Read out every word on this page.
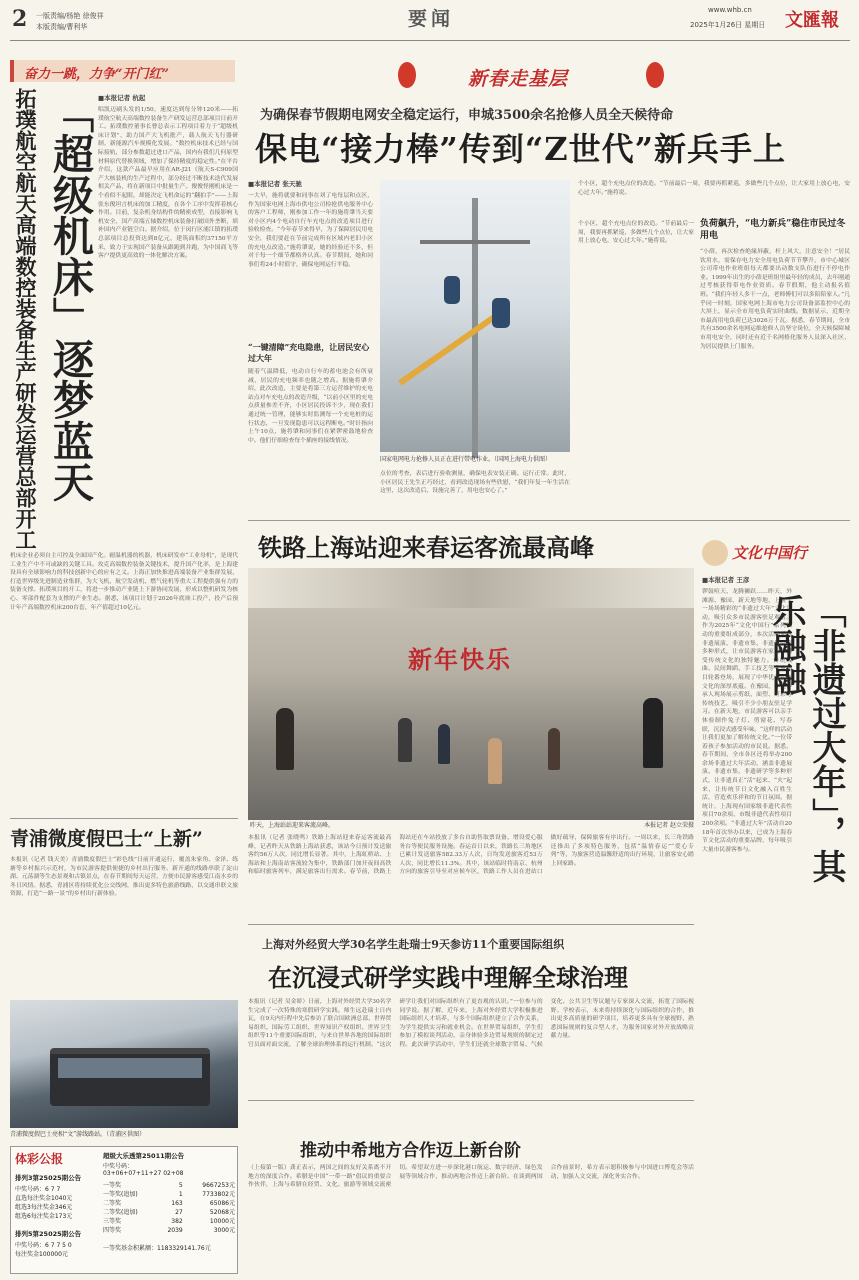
2 一版责编/杨艳 徐俊祥
本版责编/曹利华	要闻	www.whb.cn
2025年1月26日 星期日 文匯報
奋力一跳，力争“开门红”
拓璞航空航天高端数控装备生产研发运营总部开工 「超级机床」逐梦蓝天 ■本报记者 杭起
唱凯迈刷头发的1/50，速度达到每分钟120米——拓璞航空航天高端数控装备生产研发运营总部项目日前开工。拓璞数控董事长曹总表示工程项目着力于“超级机床计划”，助力国产大飞机批产，载人航天飞行器研制，新能源汽车规模化发展。“数控机床技术已经与国际接轨，部分参数超过进口产品，国内有我们几何原型材料原代替换领域，增加了保持精度的稳定性。”在平台介绍，这款产品最早应用在AR-J21《航天S-C909国产大核装机的生产过程中，部分经过不断技术迭代发展相关产品，将在新项目中批量生产。俊俊怪刚机床是一个看似不起眼，却能决定飞机命运的“翻拍手”——上海张东俊坦言机床的加工精度，在各个工序中发挥着核心作用。目前，复杂机身结构件的精密成型，直接影响飞机安全，国产高端五轴数控机床装备打破国外垄断，填补国内产业链空白。据介绍，位于闵行区浦江镇的拓璞总部项目总投资达到8亿元，建筑面积约37150平方米，致力于实现国产装备从跟跑到并跑，为中国商飞等客户提供更高效的一体化解决方案。
机床企业必须自主可控及全面国产化。耐温机器的机器，机床研发亦“工业母机”，是现代工业生产中不可或缺的关键工具。攻克高端数控装备关键技术，提升国产化率，是上海建设具有全球影响力的科技创新中心的应有之义。上海正加快推进高端装备产业集群发展，打造世界级先进制造业集群，为大飞机、航空发动机、燃气轮机等重大工程提供强有力的装备支撑。拓璞项目的开工，将进一步推动产业链上下游协同发展，形成以整机研发为核心、零部件配套为支撑的产业生态。据悉，该项目计划于2026年底竣工投产，投产后预计年产高端数控机床200台套，年产值超过10亿元。
青浦微度假巴士“上新”
本报讯（记者 钱天美）青浦微度假巴士“彩色线”日前开通运行，覆盖朱家角、金泽、练塘等乡村振兴示范村，为市民游客提供便捷的乡村出行服务。新开通的线路串联了淀山湖、元荡湖等生态景观和古镇景点，在春节期间每天运营，方便市民游客感受江南水乡的冬日风情。据悉，青浦区将持续优化公交线网，推出更多特色旅游线路，以交通串联文旅资源，打造“一路一景”的乡村出行新体验。
青浦微度假巴士亮相“文”游线路站。（青浦区供图）
体彩公报
排列3第25025期公告
中奖号码：6 7 7
直选每注奖金1040元
组选3每注奖金346元
组选6每注奖金173元
排列5第25025期公告
中奖号码：6 7 7 5 0
每注奖金100000元
超级大乐透第25011期公告
中奖号码：
03+06+07+11+27 02+08
一等奖	5	9667253元
一等奖(追加)	1	7733802元
二等奖	163	65086元
二等奖(追加)	27	52068元
三等奖	382	10000元
四等奖	2039	3000元
一等奖基金积累额：1183329141.76元
新春走基层
为确保春节假期电网安全稳定运行，申城3500余名抢修人员全天候待命
保电“接力棒”传到“Z世代”新兵手上
■本报记者 张天驰
一大早，施将就要和同事在刘了电每层和点区，作为国家电网上海市供电公司检抢供电服务中心的客户工程师，刚参加工作一年的施将肇当天要对小区内4个电动自行车充电点的改造项目进行验收检查。“今年春节来得早，为了保障居民用电安全，我们要赶在节前完成所有区域内老旧小区的充电点改造。”施将肇说，她的经验还不多，但对于每一个细节都格外认真。春节期间，她和同事们将24小时值守，确保电网运行平稳。
“一键清障”充电隐患，让居民安心过大年
随着气温降低，电动自行车的蓄电池会有所衰减，居民的充电频率也随之增高。据施将肇介绍，此次改造，主要是将第三方运营维护的充电站点对车充电点的改造升级，“以前小区里的充电点质量参差不齐，小区居民投诉不少，现在我们通过统一管理，能够实时监测每一个充电桩的运行状态，一旦发现隐患可以远程断电。”时针指向上午10点，施将肇和同事们在紧锣密鼓地检查中。他们仔细检查每个插座的接线情况。
国家电网电力抢修人员正在进行带电作业。（国网上海电力供图）
点位的考查，表后进行验收测量，确保电表安装正确、运行正常。此时，小区居民王先生正巧经过，看到改造现场有些欣慰，“我们年复一年生活在这里，这次改造后，设施完善了，用电也安心了。”
个小区，超个充电点位的改造。“节前最后一周，我要再抓紧巡，多做些几个点位，让大家用上放心电，安心过大年。”施将说。
负荷飙升，“电力新兵”稳住市民过冬用电
“小薛，再次检查绝缘屏蔽，杆上风大，注意安全！”居民饮用水，需保存电力安全用电负荷节节攀升，市中心城区公司带电作业班组每天都要出动数支队伍进行不停电作业。1999年出生的小薛是班组里最年轻的成员，去年刚通过考核获得带电作业资质。春节假期，他主动报名值班。“我们年轻人多干一点，老师傅们可以多陪陪家人。”几乎同一时刻，国家电网上海市电力公司设备部监控中心的大屏上，显示全市用电负荷实时曲线。数据显示，近期全市最高用电负荷已达3026万千瓦。据悉，春节期间，全市共有3500余名电网运维抢修人员坚守岗位，全天候保障城市用电安全，同时还有近千名网格化服务人员深入社区，为居民提供上门服务。
个小区，超个充电点位的改造。“节前最后一周，我要再抓紧巡，多做些几个点位，让大家用上放心电，安心过大年。”施将说。
铁路上海站迎来春运客流最高峰
新年快乐
昨天，上海站站迎来客流高峰。	本报记者 赵立荣摄
本报讯（记者 张晓鸣）铁路上海站迎来春运客流最高峰，记者昨天从铁路上海站获悉，该站今日预计发送旅客约56万人次，同比增长显著。其中，上海虹桥站、上海站和上海南站客流较为集中，铁路部门加开夜间高铁和临时旅客列车，满足旅客出行需求。春节前，铁路上海站还在车站投放了多台自助售取票设备、增设爱心服务台等便民服务设施。春运首日以来，铁路长三角地区已累计发送旅客582.33万人次，日均发送旅客近53万人次，同比增长11.3%。其中，该站临时将南京、杭州方向的旅客引导至对应候车区，铁路工作人员在进站口做好疏导，保障旅客有序出行。一周以来，长三角铁路还推出了多项特色服务，包括“温情春运”“爱心专列”等，为旅客营造温馨舒适的出行环境，让旅客安心踏上回家路。
文化中国行
■本报记者 王彦
锣鼓喧天、龙腾狮跃……昨天，外滩源、豫园、新天地等地，上演了一场场精彩的“非遗过大年”文化活动，吸引众多市民游客驻足观看。作为2025年“文化中国行”系列活动的重要组成部分，本次活动通过非遗展演、非遗市集、非遗体验等多种形式，让市民游客在家门口感受传统文化的独特魅力。传统戏曲、民间舞蹈、手工技艺等非遗项目轮番登场，展现了中华优秀传统文化的深厚底蕴。在豫园，非遗传承人现场展示剪纸、面塑、灯彩等传统技艺，吸引不少小朋友驻足学习。在新天地，市民游客可以亲手体验制作兔子灯、剪窗花、写春联，沉浸式感受年味。“这样的活动让我们更加了解传统文化。”一位带着孩子参加活动的市民说。据悉，春节期间，全市各区还将举办200余场非遗过大年活动，涵盖非遗展演、非遗市集、非遗研学等多种形式，让非遗真正“活”起来、“火”起来，让传统节日文化融入百姓生活，营造欢乐祥和的节日氛围。据统计，上海现有国家级非遗代表性项目70余项、市级非遗代表性项目200余项。“非遗过大年”活动自2018年首次举办以来，已成为上海春节文化活动的重要品牌，每年吸引大量市民游客参与。	「非遗过大年」，其乐融融
上海对外经贸大学30名学生赴瑞士9天参访11个重要国际组织
在沉浸式研学实践中理解全球治理
本报讯（记者 吴金娇）日前，上海对外经贸大学30名学生完成了一次特殊的寒假研学实践。师生远赴瑞士日内瓦，在9天内行程中先后参访了联合国欧洲总部、世界贸易组织、国际劳工组织、世界知识产权组织、世界卫生组织等11个重要国际组织，与来自世界各地的国际组织官员面对面交流，了解全球治理体系的运行机制。“这次研学让我们对国际组织有了更直观的认识。”一位参与的同学说。据了解，近年来，上海对外经贸大学积极推进国际组织人才培养，与多个国际组织建立了合作关系，为学生提供实习和就业机会。在世界贸易组织，学生们参加了模拟谈判活动，亲身体验多边贸易规则的制定过程。此次研学活动中，学生们还就全球数字贸易、气候变化、公共卫生等议题与专家深入交流，拓宽了国际视野。学校表示，未来将持续深化与国际组织的合作，推出更多高质量的研学项目，培养更多具有全球视野、熟悉国际规则的复合型人才，为服务国家对外开放战略贡献力量。
推动中希地方合作迈上新台阶
（上接第一版）龚正表示，两国之间的友好关系离不开地方的深度合作。希腊是中国“一带一路”倡议的重要合作伙伴，上海与希腊在经贸、文化、旅游等领域交流密切。希望双方进一步深化港口航运、数字经济、绿色发展等领域合作，推动两地合作迈上新台阶。在谈到两国合作前景时，希方表示愿积极参与中国进口博览会等活动，加强人文交流，深化务实合作。
